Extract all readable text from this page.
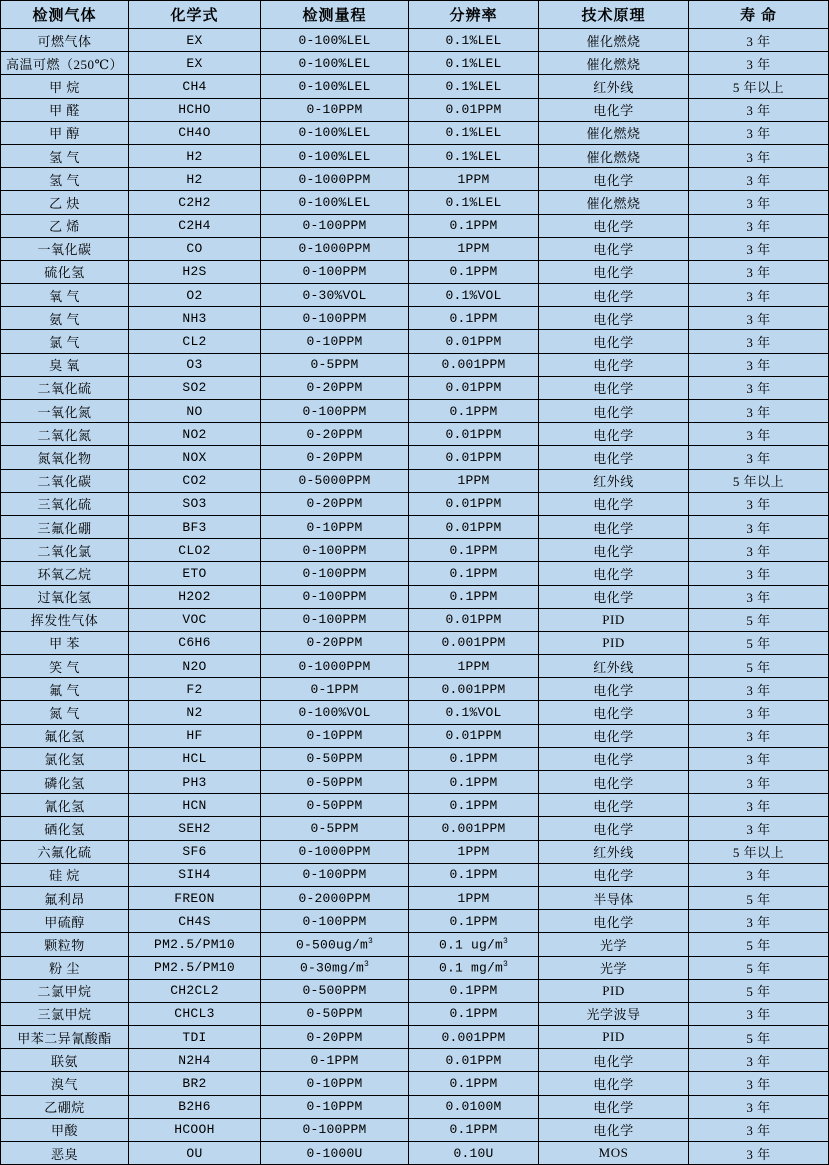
检测气体	化学式	检测量程	分辨率	技术原理	寿 命
可燃气体	EX	0-100%LEL	0.1%LEL	催化燃烧	3 年
高温可燃（250℃）	EX	0-100%LEL	0.1%LEL	催化燃烧	3 年
甲 烷	CH4	0-100%LEL	0.1%LEL	红外线	5 年以上
甲 醛	HCHO	0-10PPM	0.01PPM	电化学	3 年
甲 醇	CH4O	0-100%LEL	0.1%LEL	催化燃烧	3 年
氢 气	H2	0-100%LEL	0.1%LEL	催化燃烧	3 年
氢 气	H2	0-1000PPM	1PPM	电化学	3 年
乙 炔	C2H2	0-100%LEL	0.1%LEL	催化燃烧	3 年
乙 烯	C2H4	0-100PPM	0.1PPM	电化学	3 年
一氧化碳	CO	0-1000PPM	1PPM	电化学	3 年
硫化氢	H2S	0-100PPM	0.1PPM	电化学	3 年
氧 气	O2	0-30%VOL	0.1%VOL	电化学	3 年
氨 气	NH3	0-100PPM	0.1PPM	电化学	3 年
氯 气	CL2	0-10PPM	0.01PPM	电化学	3 年
臭 氧	O3	0-5PPM	0.001PPM	电化学	3 年
二氧化硫	SO2	0-20PPM	0.01PPM	电化学	3 年
一氧化氮	NO	0-100PPM	0.1PPM	电化学	3 年
二氧化氮	NO2	0-20PPM	0.01PPM	电化学	3 年
氮氧化物	NOX	0-20PPM	0.01PPM	电化学	3 年
二氧化碳	CO2	0-5000PPM	1PPM	红外线	5 年以上
三氧化硫	SO3	0-20PPM	0.01PPM	电化学	3 年
三氟化硼	BF3	0-10PPM	0.01PPM	电化学	3 年
二氧化氯	CLO2	0-100PPM	0.1PPM	电化学	3 年
环氧乙烷	ETO	0-100PPM	0.1PPM	电化学	3 年
过氧化氢	H2O2	0-100PPM	0.1PPM	电化学	3 年
挥发性气体	VOC	0-100PPM	0.01PPM	PID	5 年
甲 苯	C6H6	0-20PPM	0.001PPM	PID	5 年
笑 气	N2O	0-1000PPM	1PPM	红外线	5 年
氟 气	F2	0-1PPM	0.001PPM	电化学	3 年
氮 气	N2	0-100%VOL	0.1%VOL	电化学	3 年
氟化氢	HF	0-10PPM	0.01PPM	电化学	3 年
氯化氢	HCL	0-50PPM	0.1PPM	电化学	3 年
磷化氢	PH3	0-50PPM	0.1PPM	电化学	3 年
氰化氢	HCN	0-50PPM	0.1PPM	电化学	3 年
硒化氢	SEH2	0-5PPM	0.001PPM	电化学	3 年
六氟化硫	SF6	0-1000PPM	1PPM	红外线	5 年以上
硅 烷	SIH4	0-100PPM	0.1PPM	电化学	3 年
氟利昂	FREON	0-2000PPM	1PPM	半导体	5 年
甲硫醇	CH4S	0-100PPM	0.1PPM	电化学	3 年
颗粒物	PM2.5/PM10	$0-500ug/m^3$	0.1 $ug/m^3$	光学	5 年
粉 尘	PM2.5/PM10	$0-30mg/m^3$	0.1 $mg/m^3$	光学	5 年
二氯甲烷	CH2CL2	0-500PPM	0.1PPM	PID	5 年
三氯甲烷	CHCL3	0-50PPM	0.1PPM	光学波导	3 年
甲苯二异氰酸酯	TDI	0-20PPM	0.001PPM	PID	5 年
联氨	N2H4	0-1PPM	0.01PPM	电化学	3 年
溴气	BR2	0-10PPM	0.1PPM	电化学	3 年
乙硼烷	B2H6	0-10PPM	0.0100M	电化学	3 年
甲酸	HCOOH	0-100PPM	0.1PPM	电化学	3 年
恶臭	OU	0-1000U	0.10U	MOS	3 年
